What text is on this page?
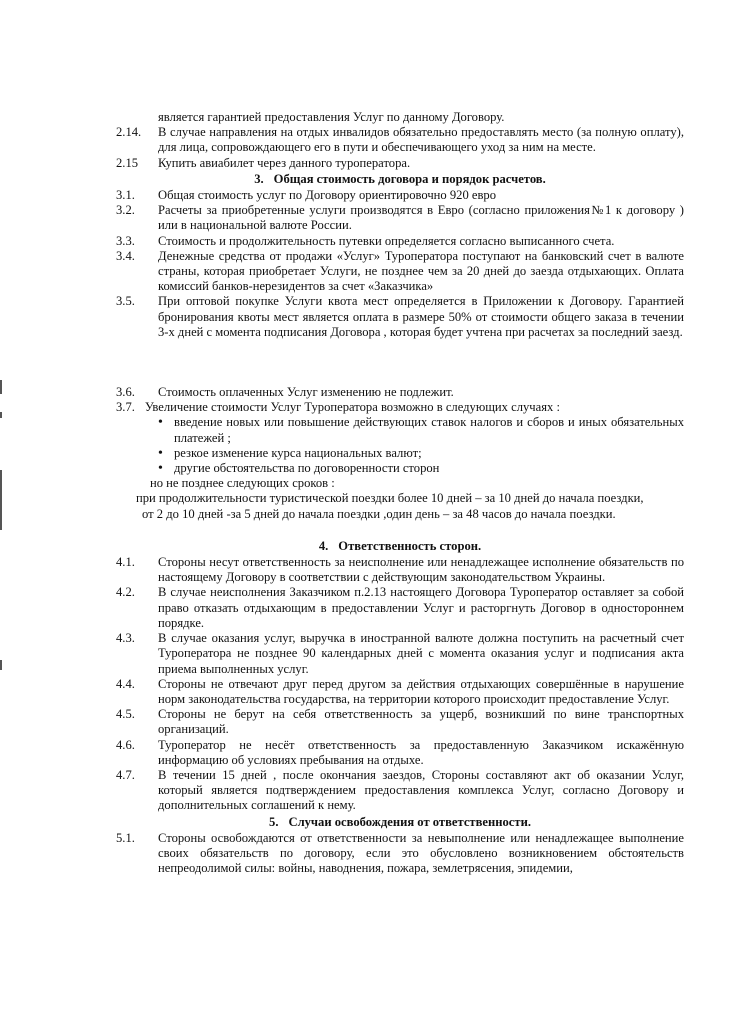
является гарантией предоставления Услуг по данному Договору.
2.14. В случае направления на отдых инвалидов обязательно предоставлять место (за полную оплату), для лица, сопровождающего его в пути и обеспечивающего уход за ним на месте.
2.15 Купить авиабилет через данного туроператора.
3. Общая стоимость договора и порядок расчетов.
3.1. Общая стоимость услуг по Договору ориентировочно 920 евро
3.2. Расчеты за приобретенные услуги производятся в Евро (согласно приложения№1 к договору ) или в национальной валюте России.
3.3. Стоимость и продолжительность путевки определяется согласно выписанного счета.
3.4. Денежные средства от продажи «Услуг» Туроператора поступают на банковский счет в валюте страны, которая приобретает Услуги, не позднее чем за 20 дней до заезда отдыхающих. Оплата комиссий банков-нерезидентов за счет «Заказчика»
3.5. При оптовой покупке Услуги квота мест определяется в Приложении к Договору. Гарантией бронирования квоты мест является оплата в размере 50% от стоимости общего заказа в течении 3-х дней с момента подписания Договора , которая будет учтена при расчетах за последний заезд.
3.6. Стоимость оплаченных Услуг изменению не подлежит.
3.7. Увеличение стоимости Услуг Туроператора возможно в следующих случаях :
• введение новых или повышение действующих ставок налогов и сборов и иных обязательных платежей ;
• резкое изменение курса национальных валют;
• другие обстоятельства по договоренности сторон
но не позднее следующих сроков :
при продолжительности туристической поездки более 10 дней – за 10 дней до начала поездки,
от 2 до 10 дней -за 5 дней до начала поездки ,один день – за 48 часов до начала поездки.
4. Ответственность сторон.
4.1. Стороны несут ответственность за неисполнение или ненадлежащее исполнение обязательств по настоящему Договору в соответствии с действующим законодательством Украины.
4.2. В случае неисполнения Заказчиком п.2.13 настоящего Договора Туроператор оставляет за собой право отказать отдыхающим в предоставлении Услуг и расторгнуть Договор в одностороннем порядке.
4.3. В случае оказания услуг, выручка в иностранной валюте должна поступить на расчетный счет Туроператора не позднее 90 календарных дней с момента оказания услуг и подписания акта приема выполненных услуг.
4.4. Стороны не отвечают друг перед другом за действия отдыхающих совершённые в нарушение норм законодательства государства, на территории которого происходит предоставление Услуг.
4.5. Стороны не берут на себя ответственность за ущерб, возникший по вине транспортных организаций.
4.6. Туроператор не несёт ответственность за предоставленную Заказчиком искажённую информацию об условиях пребывания на отдыхе.
4.7. В течении 15 дней , после окончания заездов, Стороны составляют акт об оказании Услуг, который является подтверждением предоставления комплекса Услуг, согласно Договору и дополнительных соглашений к нему.
5. Случаи освобождения от ответственности.
5.1. Стороны освобождаются от ответственности за невыполнение или ненадлежащее выполнение своих обязательств по договору, если это обусловлено возникновением обстоятельств непреодолимой силы: войны, наводнения, пожара, землетрясения, эпидемии,
